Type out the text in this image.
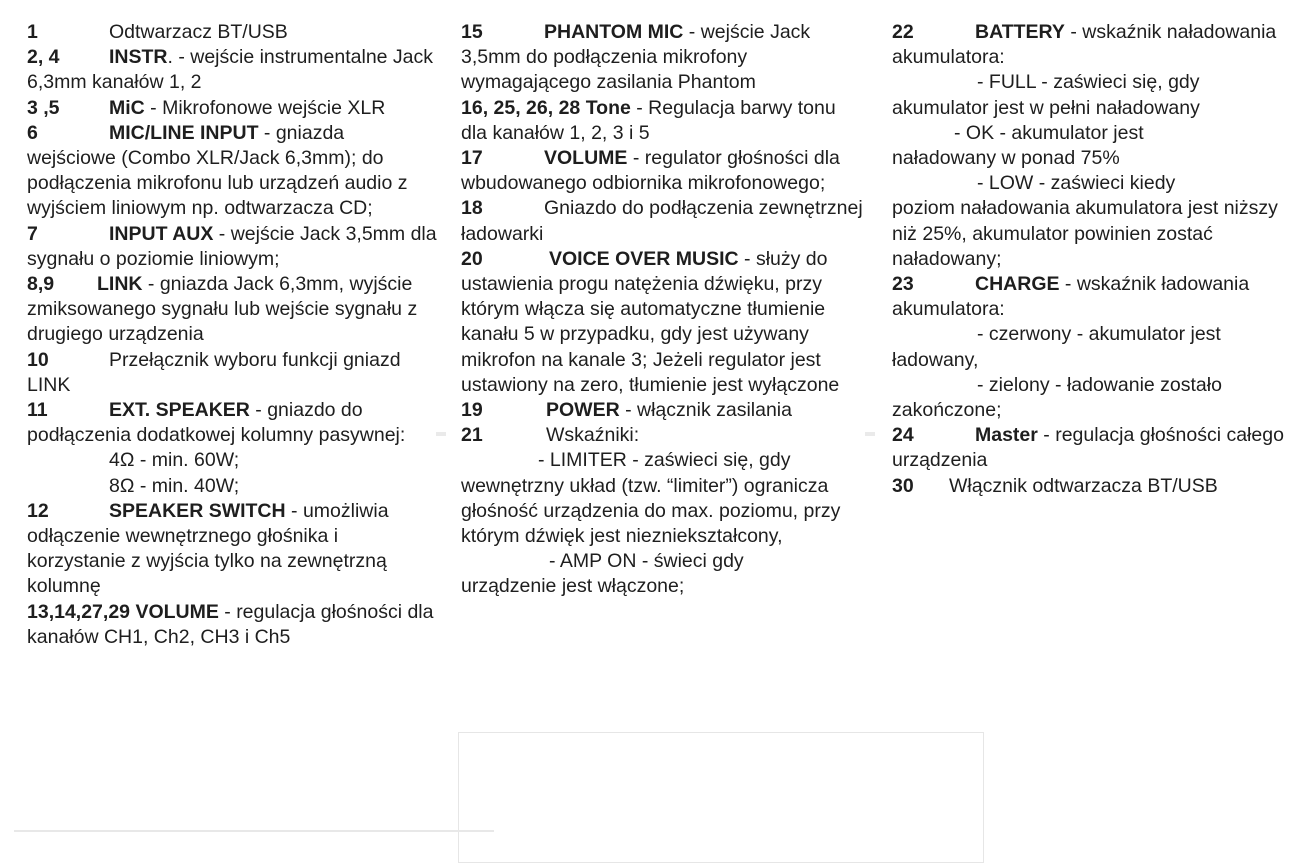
1	Odtwarzacz BT/USB
2, 4	INSTR. - wejście instrumentalne Jack 6,3mm kanałów 1, 2
3 ,5	MiC - Mikrofonowe wejście XLR
6	MIC/LINE INPUT - gniazda wejściowe (Combo XLR/Jack 6,3mm); do podłączenia mikrofonu lub urządzeń audio z wyjściem liniowym np. odtwarzacza CD;
7	INPUT AUX - wejście Jack 3,5mm dla sygnału o poziomie liniowym;
8,9 LINK - gniazda Jack 6,3mm, wyjście zmiksowanego sygnału lub wejście sygnału z drugiego urządzenia
10	Przełącznik wyboru funkcji gniazd LINK
11	EXT. SPEAKER - gniazdo do podłączenia dodatkowej kolumny pasywnej:
4Ω - min. 60W;
8Ω - min. 40W;
12	SPEAKER SWITCH - umożliwia odłączenie wewnętrznego głośnika i korzystanie z wyjścia tylko na zewnętrzną kolumnę
13,14,27,29 VOLUME - regulacja głośności dla kanałów CH1, Ch2, CH3 i Ch5
15	PHANTOM MIC - wejście Jack 3,5mm do podłączenia mikrofony wymagającego zasilania Phantom
16, 25, 26, 28 Tone - Regulacja barwy tonu dla kanałów 1, 2, 3 i 5
17	VOLUME - regulator głośności dla wbudowanego odbiornika mikrofonowego;
18	Gniazdo do podłączenia zewnętrznej ładowarki
20	VOICE OVER MUSIC - służy do ustawienia progu natężenia dźwięku, przy którym włącza się automatyczne tłumienie kanału 5 w przypadku, gdy jest używany mikrofon na kanale 3; Jeżeli regulator jest ustawiony na zero, tłumienie jest wyłączone
19	POWER - włącznik zasilania
21	Wskaźniki:
- LIMITER - zaświeci się, gdy
wewnętrzny układ (tzw. “limiter”) ogranicza głośność urządzenia do max. poziomu, przy którym dźwięk jest niezniekształcony,
- AMP ON - świeci gdy
urządzenie jest włączone;
22	BATTERY - wskaźnik naładowania akumulatora:
- FULL - zaświeci się, gdy
akumulator jest w pełni naładowany
- OK - akumulator jest
naładowany w ponad 75%
- LOW - zaświeci kiedy
poziom naładowania akumulatora jest niższy niż 25%, akumulator powinien zostać naładowany;
23	CHARGE - wskaźnik ładowania akumulatora:
- czerwony - akumulator jest
ładowany,
- zielony - ładowanie zostało
zakończone;
24	Master - regulacja głośności całego urządzenia
30 Włącznik odtwarzacza BT/USB
